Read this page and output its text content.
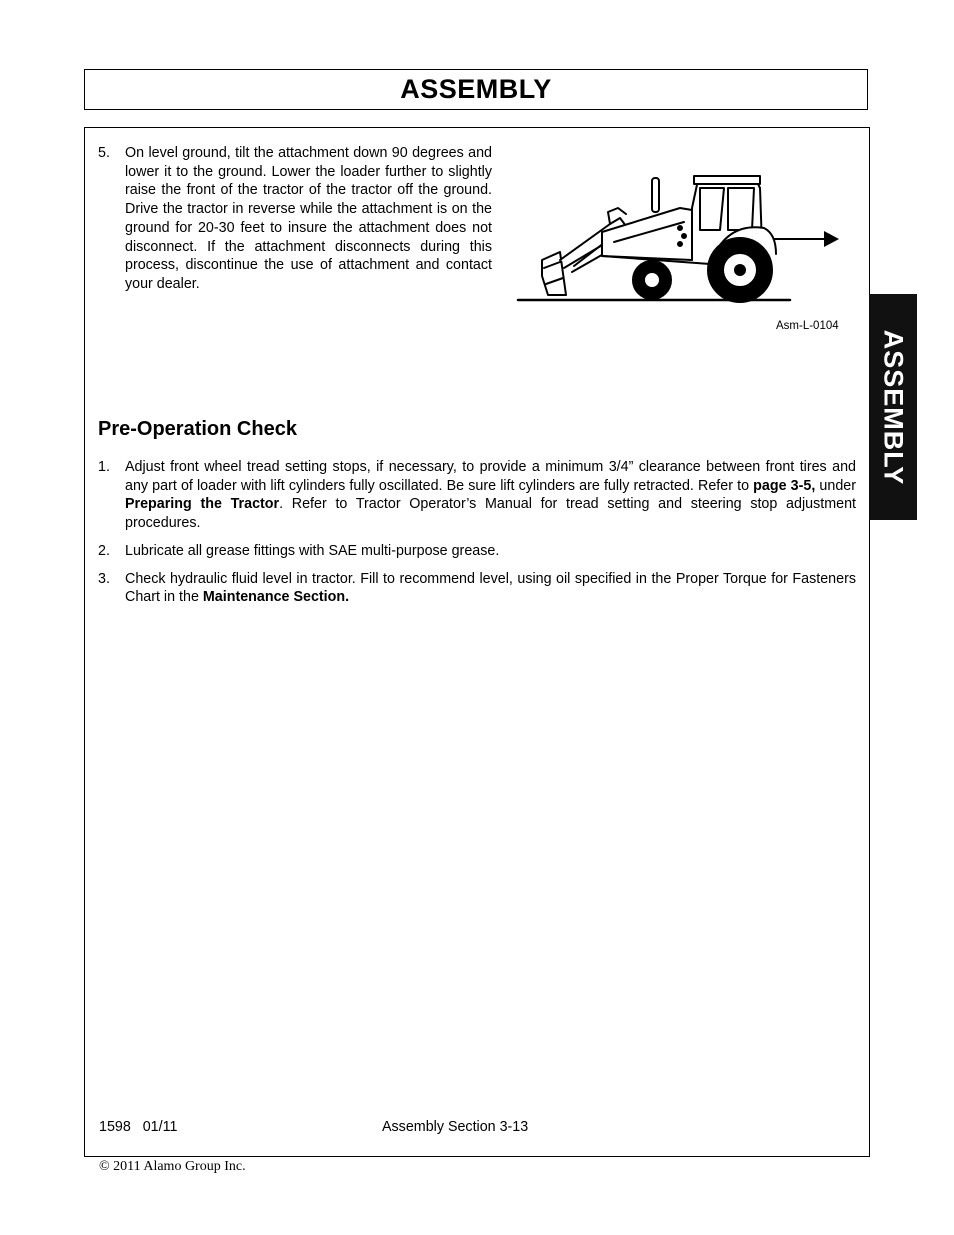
ASSEMBLY
ASSEMBLY
5. On level ground, tilt the attachment down 90 degrees and lower it to the ground. Lower the loader further to slightly raise the front of the tractor of the tractor off the ground. Drive the tractor in reverse while the attachment is on the ground for 20-30 feet to insure the attachment does not disconnect. If the attachment disconnects during this process, discontinue the use of attachment and contact your dealer.
Asm-L-0104
Pre-Operation Check
1. Adjust front wheel tread setting stops, if necessary, to provide a minimum 3/4” clearance between front tires and any part of loader with lift cylinders fully oscillated. Be sure lift cylinders are fully retracted. Refer to page 3-5, under Preparing the Tractor. Refer to Tractor Operator’s Manual for tread setting and steering stop adjustment procedures.
2. Lubricate all grease fittings with SAE multi-purpose grease.
3. Check hydraulic fluid level in tractor. Fill to recommend level, using oil specified in the Proper Torque for Fasteners Chart in the Maintenance Section.
1598   01/11	Assembly Section 3-13
© 2011 Alamo Group Inc.
